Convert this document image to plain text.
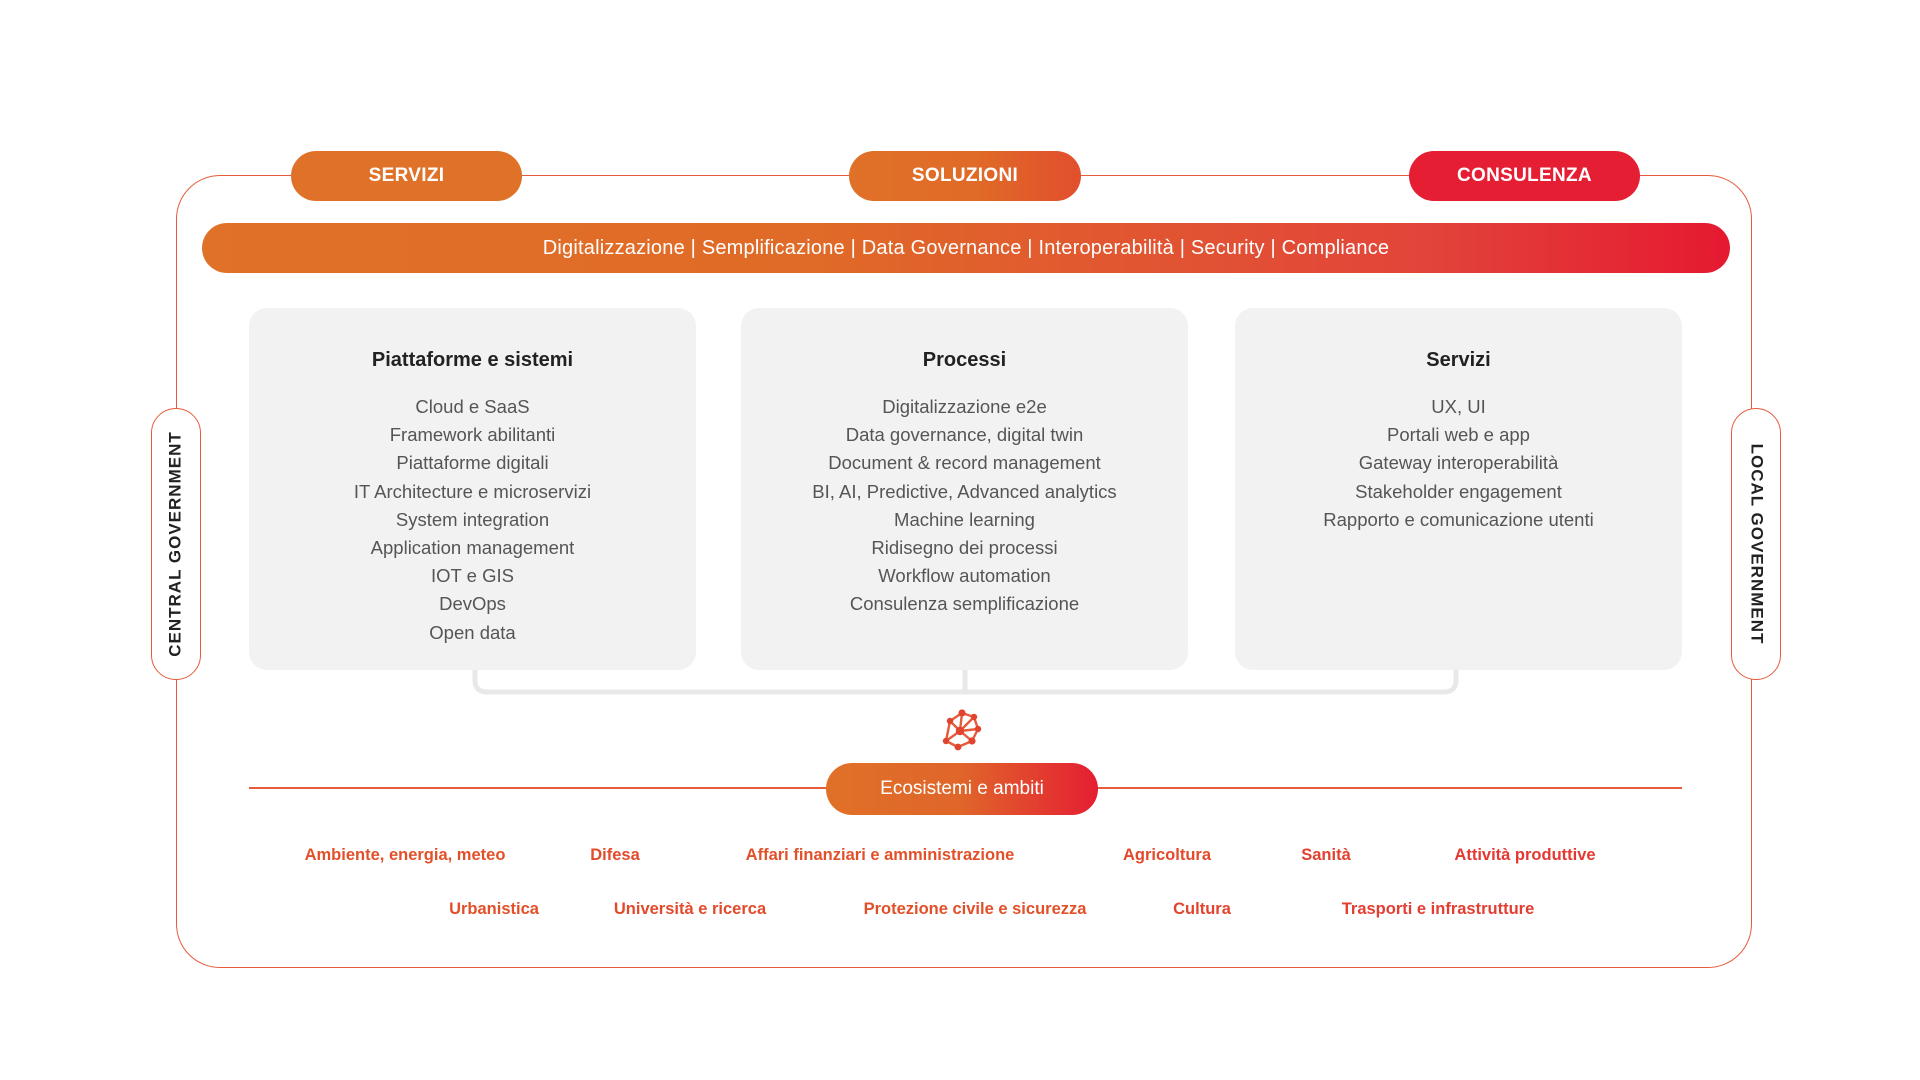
SERVIZI	SOLUZIONI	CONSULENZA
Digitalizzazione | Semplificazione | Data Governance | Interoperabilità | Security | Compliance
CENTRAL GOVERNMENT	LOCAL GOVERNMENT
Piattaforme e sistemi
Cloud e SaaS
Framework abilitanti
Piattaforme digitali
IT Architecture e microservizi
System integration
Application management
IOT e GIS
DevOps
Open data
Processi
Digitalizzazione e2e
Data governance, digital twin
Document & record management
BI, AI, Predictive, Advanced analytics
Machine learning
Ridisegno dei processi
Workflow automation
Consulenza semplificazione
Servizi
UX, UI
Portali web e app
Gateway interoperabilità
Stakeholder engagement
Rapporto e comunicazione utenti
Ecosistemi e ambiti
Ambiente, energia, meteo	Difesa	Affari finanziari e amministrazione	Agricoltura	Sanità	Attività produttive
Urbanistica	Università e ricerca	Protezione civile e sicurezza	Cultura	Trasporti e infrastrutture
